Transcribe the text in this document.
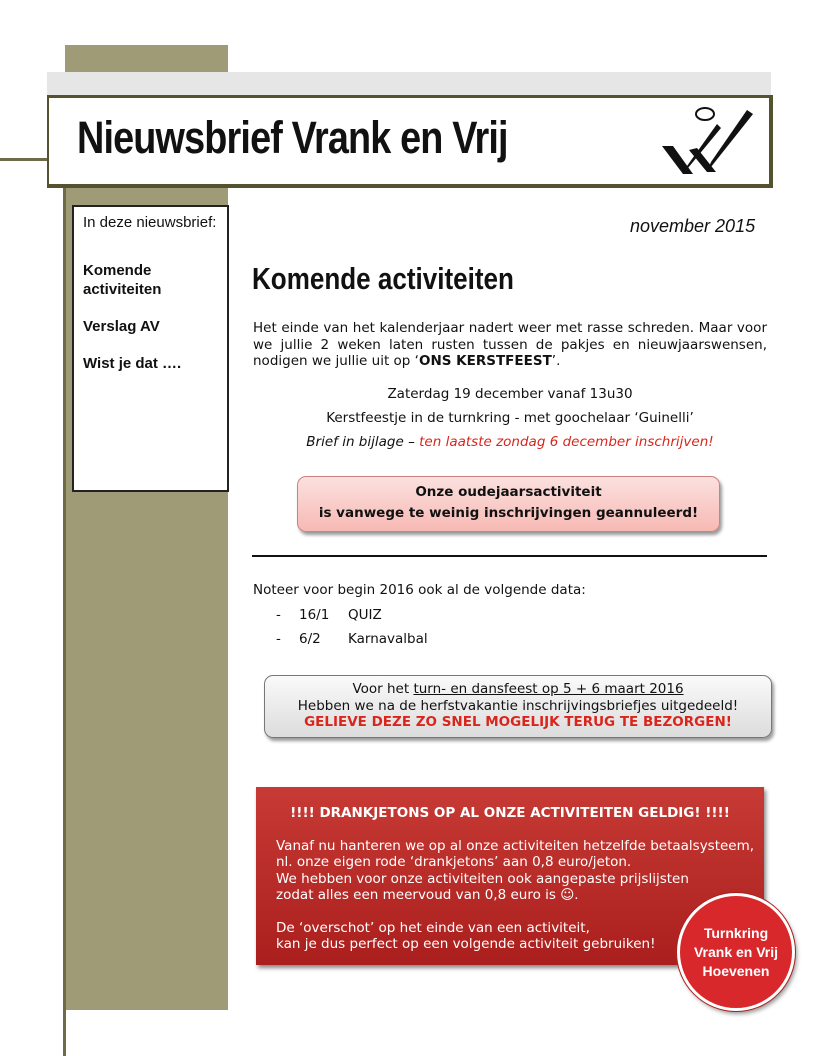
Nieuwsbrief Vrank en Vrij
In deze nieuwsbrief:
Komende activiteiten
Verslag AV
Wist je dat ….
november 2015
Komende activiteiten
Het einde van het kalenderjaar nadert weer met rasse schreden. Maar voor we jullie 2 weken laten rusten tussen de pakjes en nieuwjaarswensen, nodigen we jullie uit op ‘ONS KERSTFEEST’.
Zaterdag 19 december vanaf 13u30
Kerstfeestje in de turnkring - met goochelaar ‘Guinelli’
Brief in bijlage – ten laatste zondag 6 december inschrijven!
Onze oudejaarsactiviteit
is vanwege te weinig inschrijvingen geannuleerd!
Noteer voor begin 2016 ook al de volgende data:
- 16/1 QUIZ
- 6/2 Karnavalbal
Voor het turn- en dansfeest op 5 + 6 maart 2016
Hebben we na de herfstvakantie inschrijvingsbriefjes uitgedeeld!
GELIEVE DEZE ZO SNEL MOGELIJK TERUG TE BEZORGEN!
!!!! DRANKJETONS OP AL ONZE ACTIVITEITEN GELDIG! !!!!
Vanaf nu hanteren we op al onze activiteiten hetzelfde betaalsysteem,
nl. onze eigen rode ‘drankjetons’ aan 0,8 euro/jeton.
We hebben voor onze activiteiten ook aangepaste prijslijsten
zodat alles een meervoud van 0,8 euro is ☺.
De ‘overschot’ op het einde van een activiteit,
kan je dus perfect op een volgende activiteit gebruiken!
Turnkring
Vrank en Vrij
Hoevenen
